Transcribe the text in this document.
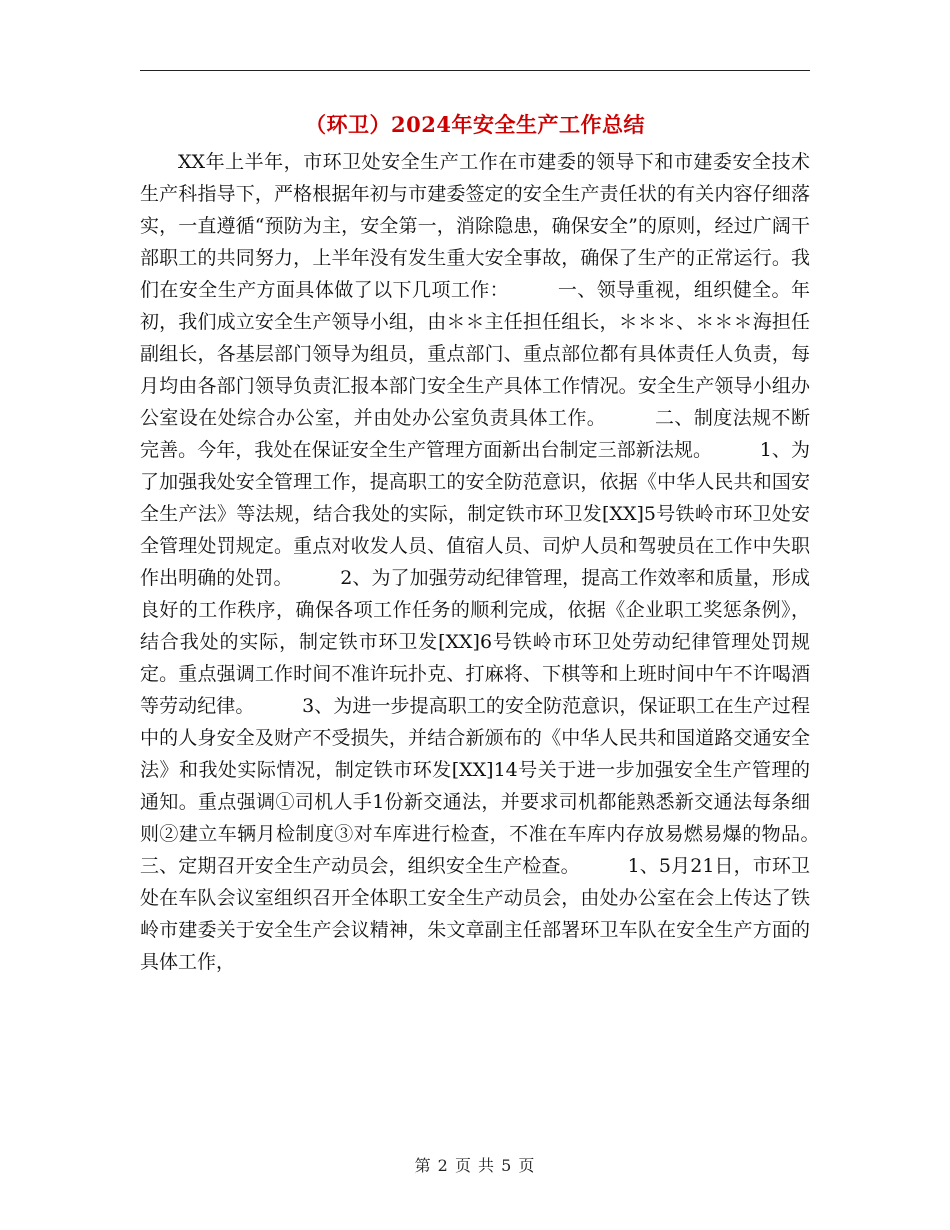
（环卫）2024年安全生产工作总结

XX年上半年，市环卫处安全生产工作在市建委的领导下和市建委安全技术生产科指导下，严格根据年初与市建委签定的安全生产责任状的有关内容仔细落实，一直遵循“预防为主，安全第一，消除隐患，确保安全”的原则，经过广阔干部职工的共同努力，上半年没有发生重大安全事故，确保了生产的正常运行。我们在安全生产方面具体做了以下几项工作：　　　一、领导重视，组织健全。年初，我们成立安全生产领导小组，由＊＊主任担任组长，＊＊＊、＊＊＊海担任副组长，各基层部门领导为组员，重点部门、重点部位都有具体责任人负责，每月均由各部门领导负责汇报本部门安全生产具体工作情况。安全生产领导小组办公室设在处综合办公室，并由处办公室负责具体工作。　　　二、制度法规不断完善。今年，我处在保证安全生产管理方面新出台制定三部新法规。　　　1、为了加强我处安全管理工作，提高职工的安全防范意识，依据《中华人民共和国安全生产法》等法规，结合我处的实际，制定铁市环卫发[XX]5号铁岭市环卫处安全管理处罚规定。重点对收发人员、值宿人员、司炉人员和驾驶员在工作中失职作出明确的处罚。　　　2、为了加强劳动纪律管理，提高工作效率和质量，形成良好的工作秩序，确保各项工作任务的顺利完成，依据《企业职工奖惩条例》，结合我处的实际，制定铁市环卫发[XX]6号铁岭市环卫处劳动纪律管理处罚规定。重点强调工作时间不准许玩扑克、打麻将、下棋等和上班时间中午不许喝酒等劳动纪律。　　　3、为进一步提高职工的安全防范意识，保证职工在生产过程中的人身安全及财产不受损失，并结合新颁布的《中华人民共和国道路交通安全法》和我处实际情况，制定铁市环发[XX]14号关于进一步加强安全生产管理的通知。重点强调①司机人手1份新交通法，并要求司机都能熟悉新交通法每条细则②建立车辆月检制度③对车库进行检查，不准在车库内存放易燃易爆的物品。　　　三、定期召开安全生产动员会，组织安全生产检查。　　　1、5月21日，市环卫处在车队会议室组织召开全体职工安全生产动员会，由处办公室在会上传达了铁岭市建委关于安全生产会议精神，朱文章副主任部署环卫车队在安全生产方面的具体工作，

第 2 页 共 5 页
